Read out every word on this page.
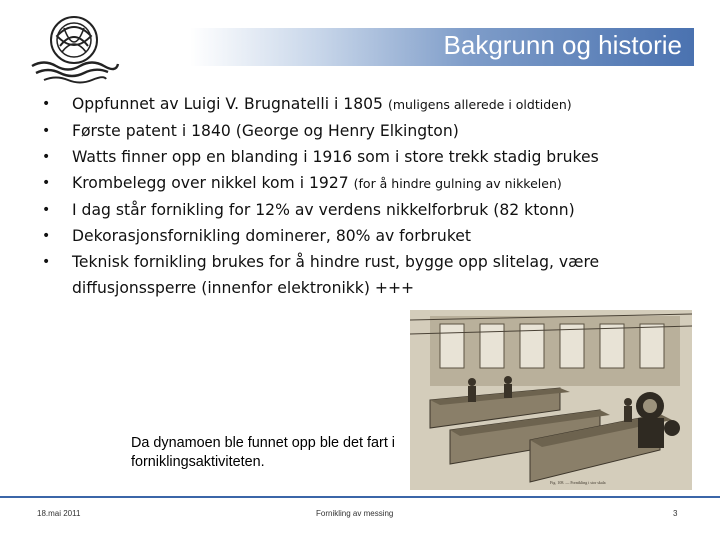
Bakgrunn og historie
• Oppfunnet av Luigi V. Brugnatelli i 1805 (muligens allerede i oldtiden)
• Første patent i 1840 (George og Henry Elkington)
• Watts finner opp en blanding i 1916 som i store trekk stadig brukes
• Krombelegg over nikkel kom i 1927 (for å hindre gulning av nikkelen)
• I dag står fornikling for 12% av verdens nikkelforbruk (82 ktonn)
• Dekorasjonsfornikling dominerer, 80% av forbruket
• Teknisk fornikling brukes for å hindre rust, bygge opp slitelag, være
diffusjonssperre (innenfor elektronikk) +++
Fig. 108. — Fornikling i stor skala
Da dynamoen ble funnet opp ble det fart i forniklingsaktiviteten.
18.mai 2011	Fornikling av messing	3
